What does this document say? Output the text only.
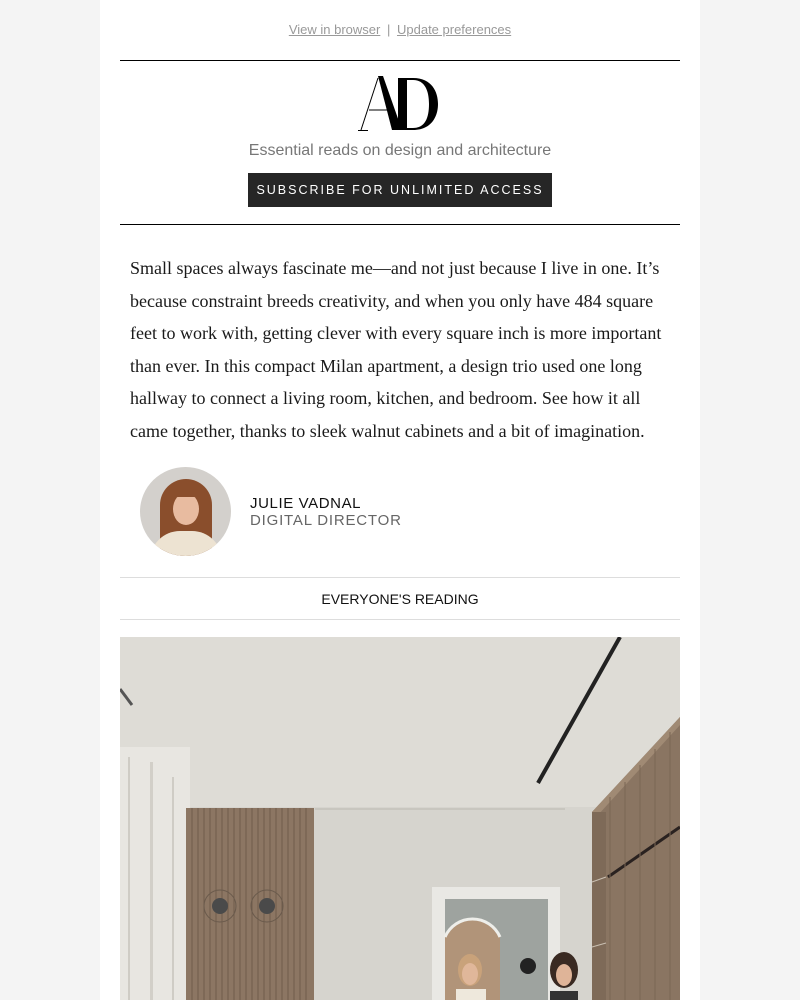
View in browser | Update preferences
Essential reads on design and architecture
SUBSCRIBE FOR UNLIMITED ACCESS

Small spaces always fascinate me—and not just because I live in one. It’s because constraint breeds creativity, and when you only have 484 square feet to work with, getting clever with every square inch is more important than ever. In this compact Milan apartment, a design trio used one long hallway to connect a living room, kitchen, and bedroom. See how it all came together, thanks to sleek walnut cabinets and a bit of imagination.

JULIE VADNAL
DIGITAL DIRECTOR
EVERYONE'S READING
